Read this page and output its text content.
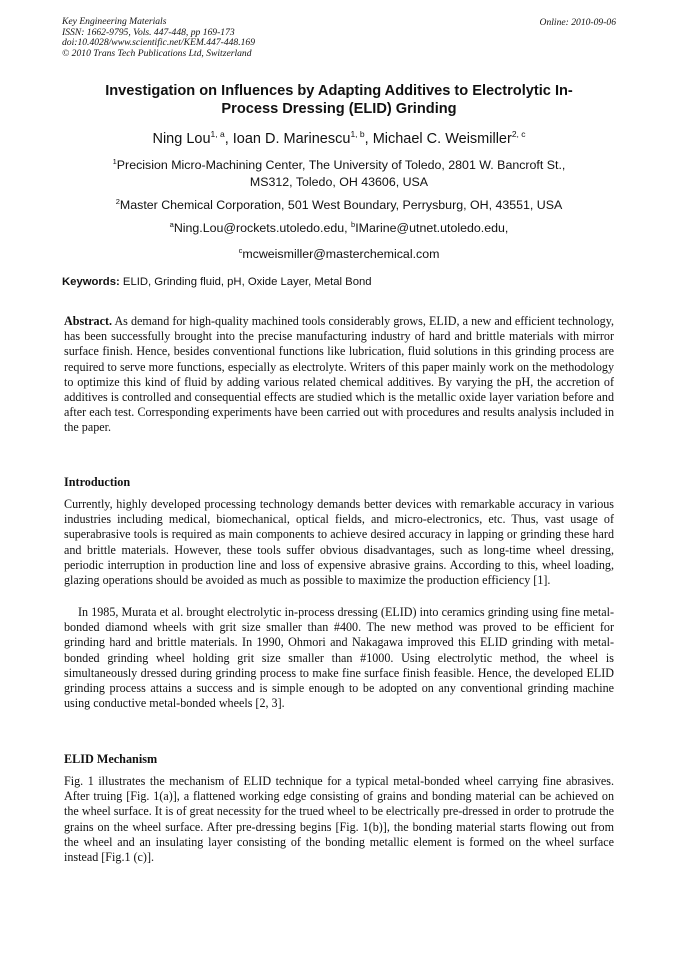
Key Engineering Materials
ISSN: 1662-9795, Vols. 447-448, pp 169-173
doi:10.4028/www.scientific.net/KEM.447-448.169
© 2010 Trans Tech Publications Ltd, Switzerland
Online: 2010-09-06
Investigation on Influences by Adapting Additives to Electrolytic In-
Process Dressing (ELID) Grinding
Ning Lou$^{1, a}$, Ioan D. Marinescu$^{1, b}$, Michael C. Weismiller$^{2, c}$
$^1$Precision Micro-Machining Center, The University of Toledo, 2801 W. Bancroft St.,
MS312, Toledo, OH 43606, USA
$^2$Master Chemical Corporation, 501 West Boundary, Perrysburg, OH, 43551, USA
$^a$Ning.Lou@rockets.utoledo.edu, $^b$IMarine@utnet.utoledo.edu,
$^c$mcweismiller@masterchemical.com
Keywords: ELID, Grinding fluid, pH, Oxide Layer, Metal Bond

Abstract. As demand for high-quality machined tools considerably grows, ELID, a new and efficient technology, has been successfully brought into the precise manufacturing industry of hard and brittle materials with mirror surface finish. Hence, besides conventional functions like lubrication, fluid solutions in this grinding process are required to serve more functions, especially as electrolyte. Writers of this paper mainly work on the methodology to optimize this kind of fluid by adding various related chemical additives. By varying the pH, the accretion of additives is controlled and consequential effects are studied which is the metallic oxide layer variation before and after each test. Corresponding experiments have been carried out with procedures and results analysis included in the paper.

Introduction

Currently, highly developed processing technology demands better devices with remarkable accuracy in various industries including medical, biomechanical, optical fields, and micro-electronics, etc. Thus, vast usage of superabrasive tools is required as main components to achieve desired accuracy in lapping or grinding these hard and brittle materials. However, these tools suffer obvious disadvantages, such as long-time wheel dressing, periodic interruption in production line and loss of expensive abrasive grains. According to this, wheel loading, glazing operations should be avoided as much as possible to maximize the production efficiency [1].

In 1985, Murata et al. brought electrolytic in-process dressing (ELID) into ceramics grinding using fine metal-bonded diamond wheels with grit size smaller than #400. The new method was proved to be efficient for grinding hard and brittle materials. In 1990, Ohmori and Nakagawa improved this ELID grinding with metal-bonded grinding wheel holding grit size smaller than #1000. Using electrolytic method, the wheel is simultaneously dressed during grinding process to make fine surface finish feasible. Hence, the developed ELID grinding process attains a success and is simple enough to be adopted on any conventional grinding machine using conductive metal-bonded wheels [2, 3].

ELID Mechanism

Fig. 1 illustrates the mechanism of ELID technique for a typical metal-bonded wheel carrying fine abrasives. After truing [Fig. 1(a)], a flattened working edge consisting of grains and bonding material can be achieved on the wheel surface. It is of great necessity for the trued wheel to be electrically pre-dressed in order to protrude the grains on the wheel surface. After pre-dressing begins [Fig. 1(b)], the bonding material starts flowing out from the wheel and an insulating layer consisting of the bonding metallic element is formed on the wheel surface instead [Fig.1 (c)].
